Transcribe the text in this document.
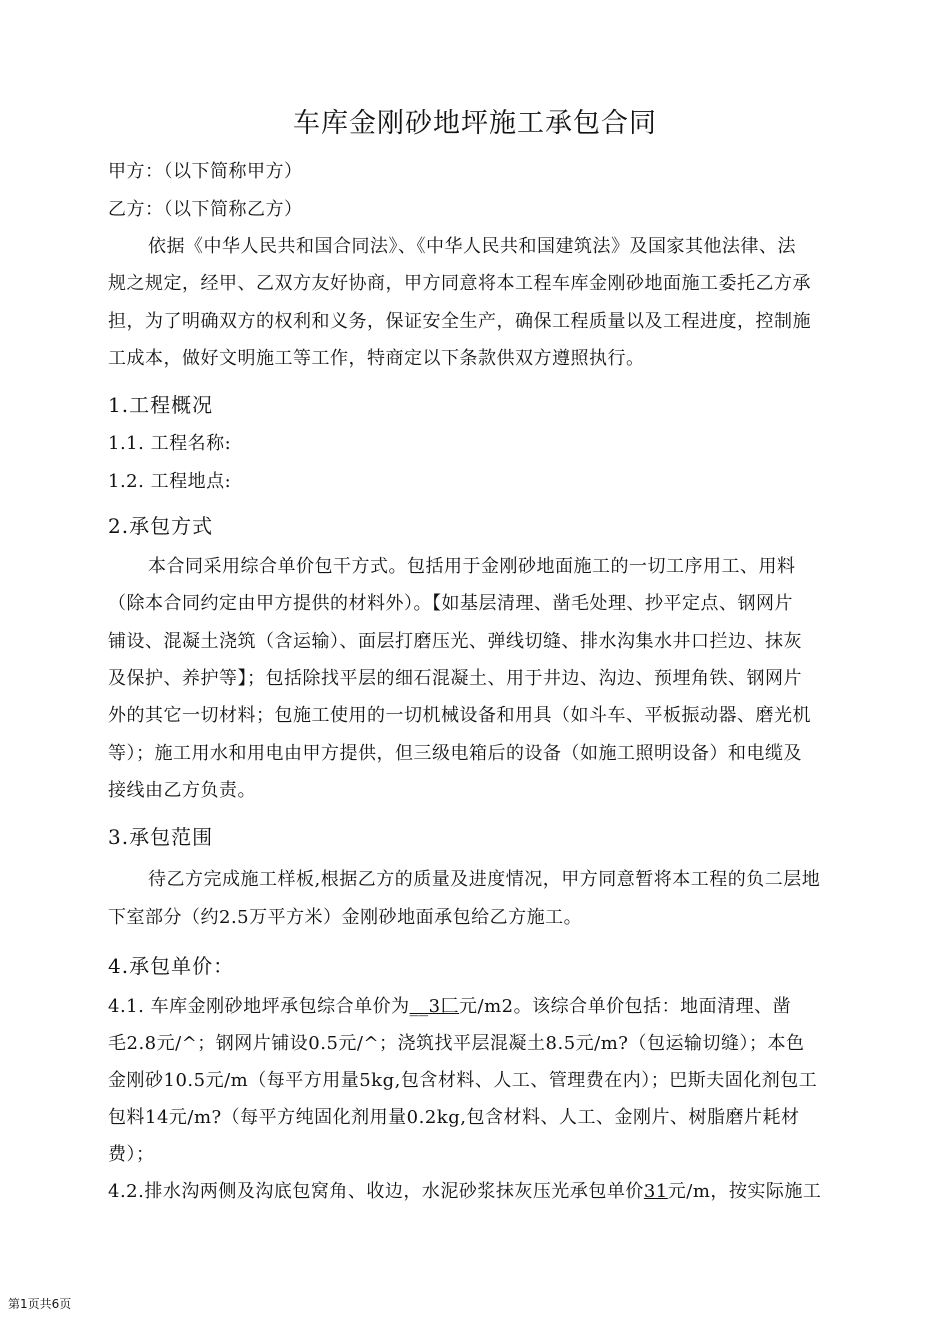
车库金刚砂地坪施工承包合同
甲方：（以下简称甲方）
乙方：（以下简称乙方）
依据《中华人民共和国合同法》、《中华人民共和国建筑法》及国家其他法律、法
规之规定，经甲、乙双方友好协商，甲方同意将本工程车库金刚砂地面施工委托乙方承
担，为了明确双方的权利和义务，保证安全生产，确保工程质量以及工程进度，控制施
工成本，做好文明施工等工作，特商定以下条款供双方遵照执行。
1.工程概况
1.1. 工程名称:
1.2. 工程地点:
2.承包方式
本合同采用综合单价包干方式。包括用于金刚砂地面施工的一切工序用工、用料
（除本合同约定由甲方提供的材料外）。【如基层清理、凿毛处理、抄平定点、钢网片
铺设、混凝土浇筑（含运输）、面层打磨压光、弹线切缝、排水沟集水井口拦边、抹灰
及保护、养护等】；包括除找平层的细石混凝土、用于井边、沟边、预埋角铁、钢网片
外的其它一切材料；包施工使用的一切机械设备和用具（如斗车、平板振动器、磨光机
等）；施工用水和用电由甲方提供，但三级电箱后的设备（如施工照明设备）和电缆及
接线由乙方负责。
3.承包范围
待乙方完成施工样板,根据乙方的质量及进度情况，甲方同意暂将本工程的负二层地
下室部分（约2.5万平方米）金刚砂地面承包给乙方施工。
4.承包单价：
4.1. 车库金刚砂地坪承包综合单价为__3匚元/m2。该综合单价包括：地面清理、凿
毛2.8元/^；钢网片铺设0.5元/^；浇筑找平层混凝土8.5元/m?（包运输切缝）；本色
金刚砂10.5元/m（每平方用量5kg,包含材料、人工、管理费在内）；巴斯夫固化剂包工
包料14元/m?（每平方纯固化剂用量0.2kg,包含材料、人工、金刚片、树脂磨片耗材
费）；
4.2.排水沟两侧及沟底包窝角、收边，水泥砂浆抹灰压光承包单价31元/m，按实际施工
第1页共6页
